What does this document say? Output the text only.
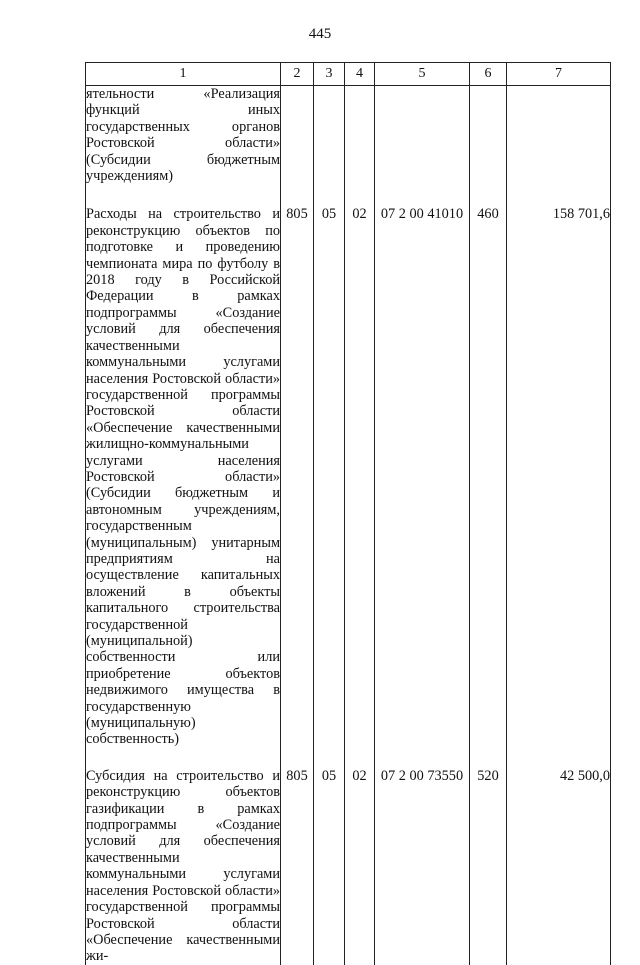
445
1	2	3	4	5	6	7
ятельности «Реализация функций иных государственных органов Ростовской области» (Субсидии бюджетным учреждениям)						
Расходы на строительство и реконструкцию объектов по подготовке и проведению чемпионата мира по футболу в 2018 году в Российской Федерации в рамках подпрограммы «Создание условий для обеспечения качественными коммунальными услугами населения Ростовской области» государственной программы Ростовской области «Обеспечение качественными жилищно-коммунальными услугами населения Ростовской области» (Субсидии бюджетным и автономным учреждениям, государственным (муниципальным) унитарным предприятиям на осуществление капитальных вложений в объекты капитального строительства государственной (муниципальной) собственности или приобретение объектов недвижимого имущества в государственную (муниципальную) собственность)	805	05	02	07 2 00 41010	460	158 701,6
Субсидия на строительство и реконструкцию объектов газификации в рамках подпрограммы «Создание условий для обеспечения качественными коммунальными услугами населения Ростовской области» государственной программы Ростовской области «Обеспечение качественными жи-	805	05	02	07 2 00 73550	520	42 500,0
